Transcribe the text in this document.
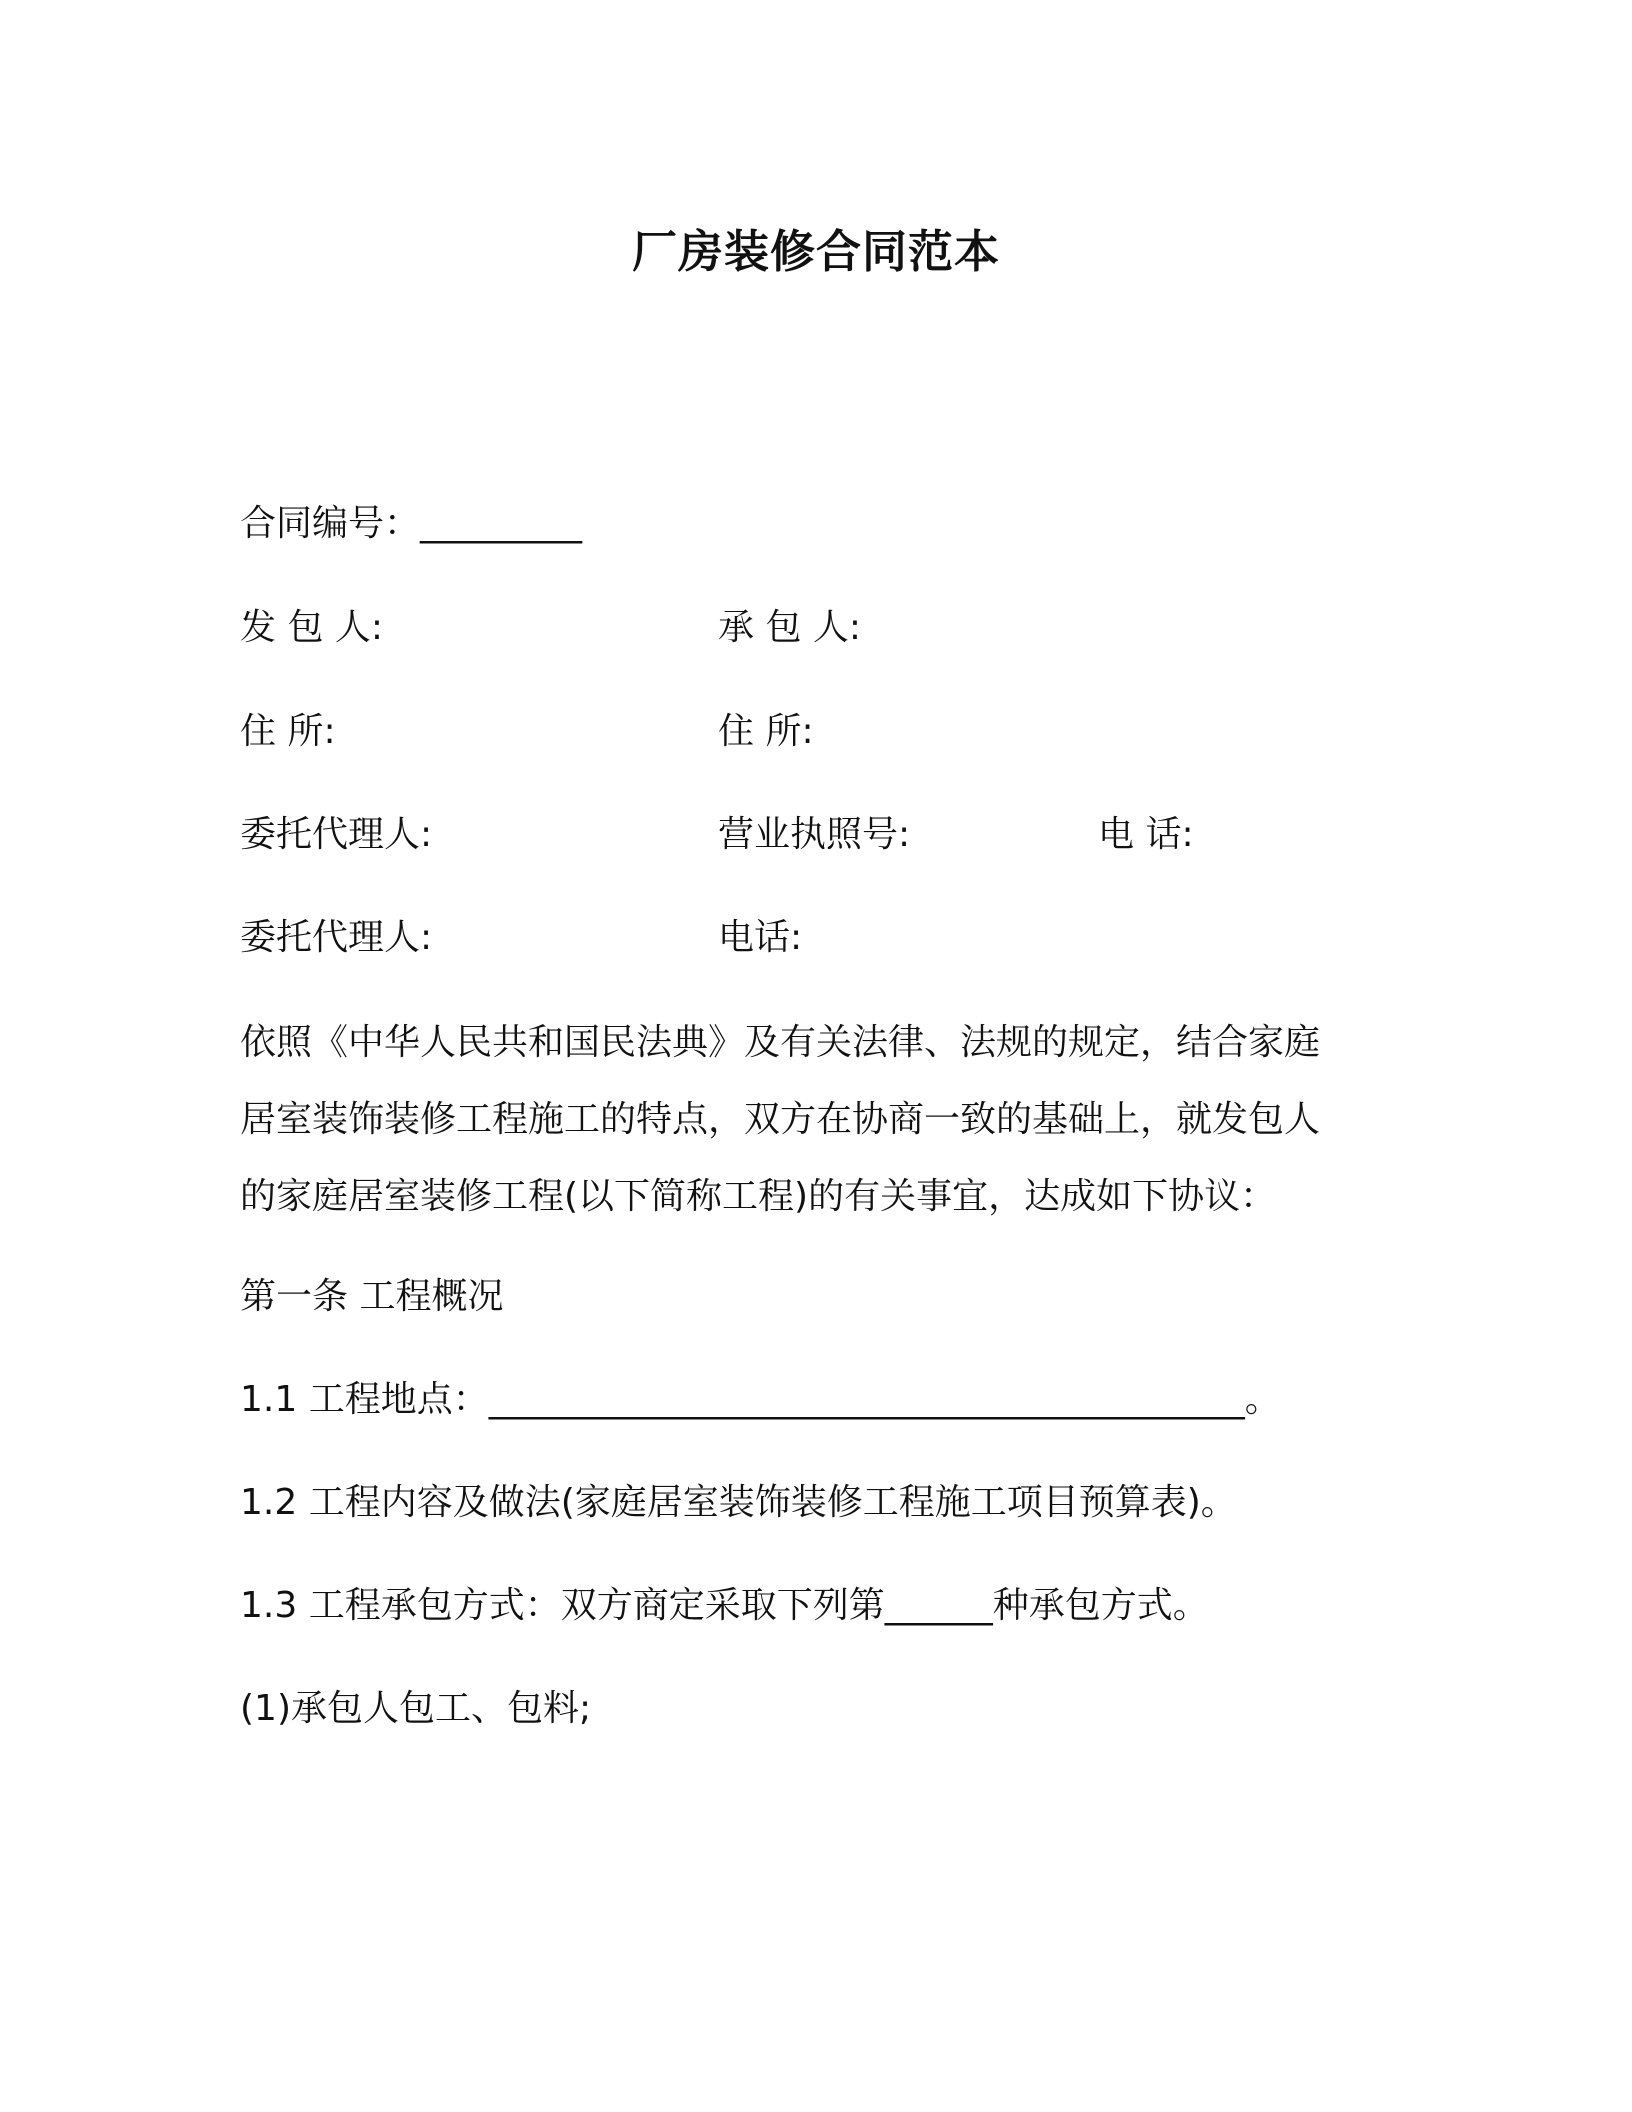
厂房装修合同范本
合同编号：_________
发 包 人:	承 包 人:
住 所:	住 所:
委托代理人:	营业执照号:	电 话:
委托代理人:	电话:
依照《中华人民共和国民法典》及有关法律、法规的规定，结合家庭
居室装饰装修工程施工的特点，双方在协商一致的基础上，就发包人
的家庭居室装修工程(以下简称工程)的有关事宜，达成如下协议：
第一条 工程概况
1.1 工程地点：__________________________________________。
1.2 工程内容及做法(家庭居室装饰装修工程施工项目预算表)。
1.3 工程承包方式：双方商定采取下列第______种承包方式。
(1)承包人包工、包料;
